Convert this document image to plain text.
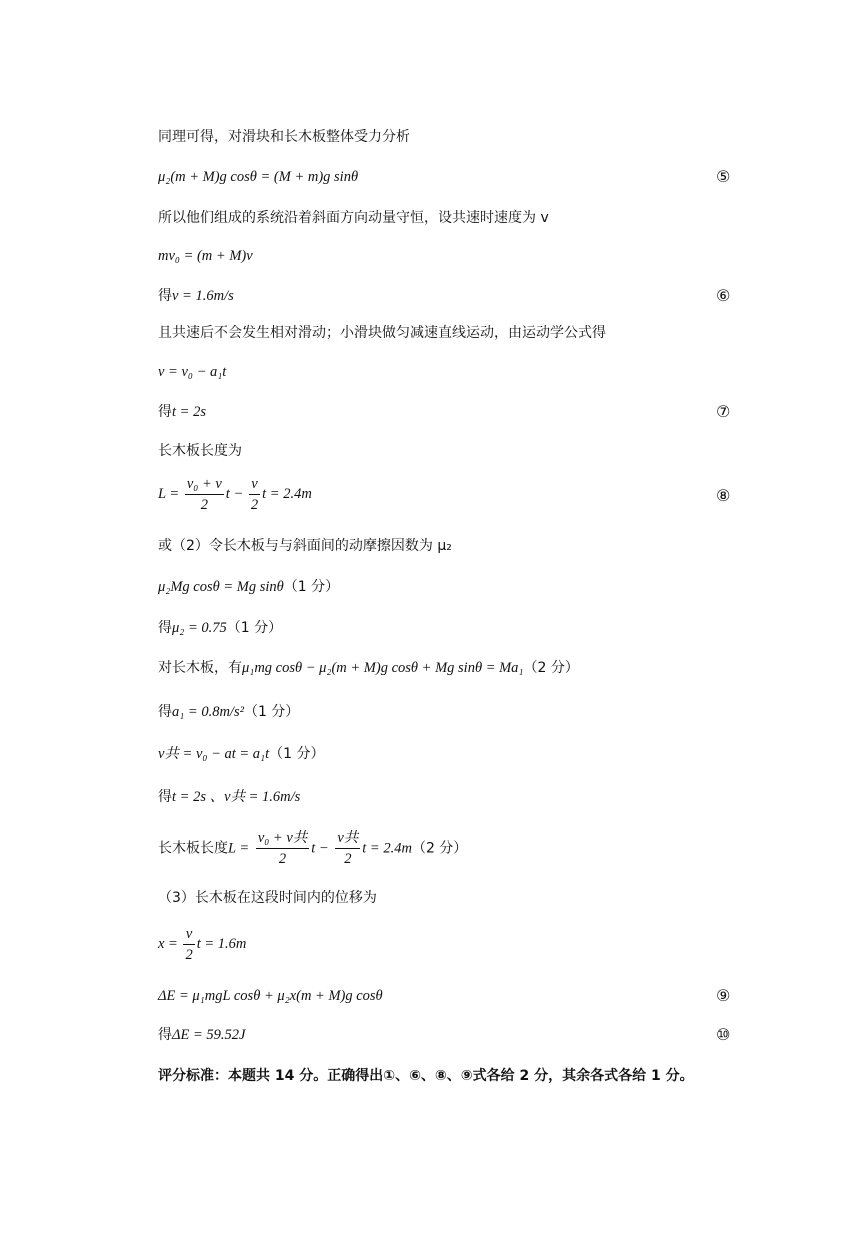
同理可得，对滑块和长木板整体受力分析
μ₂(m + M)g cosθ = (M + m)g sinθ	⑤
所以他们组成的系统沿着斜面方向动量守恒，设共速时速度为 v
mv₀ = (m + M)v
得v = 1.6m/s	⑥
且共速后不会发生相对滑动；小滑块做匀减速直线运动，由运动学公式得
v = v₀ − a₁t
得t = 2s	⑦
长木板长度为
$L = \frac{\text{v₀ + v}}{2}$ $t - \frac{v}{2}$ t = 2.4m	⑧
或（2）令长木板与与斜面间的动摩擦因数为 μ₂
μ₂Mg cosθ = Mg sinθ（1 分）
得μ₂ = 0.75（1 分）
对长木板，有μ₁mg cosθ − μ₂(m + M)g cosθ + Mg sinθ = Ma₁（2 分）
得a₁ = 0.8m/s²（1 分）
v共 = v₀ − at = a₁t（1 分）
得t = 2s 、v共 = 1.6m/s
长木板长度$L = \frac{\text{v₀ + v共}}{2}$ $t - \frac{\text{v共}}{2}$ t = 2.4m（2 分）
（3）长木板在这段时间内的位移为
$x = \frac{v}{2}$ t = 1.6m
ΔE = μ₁mgL cosθ + μ₂x(m + M)g cosθ	⑨
得ΔE = 59.52J	⑩
评分标准：本题共 14 分。正确得出①、⑥、⑧、⑨式各给 2 分，其余各式各给 1 分。
